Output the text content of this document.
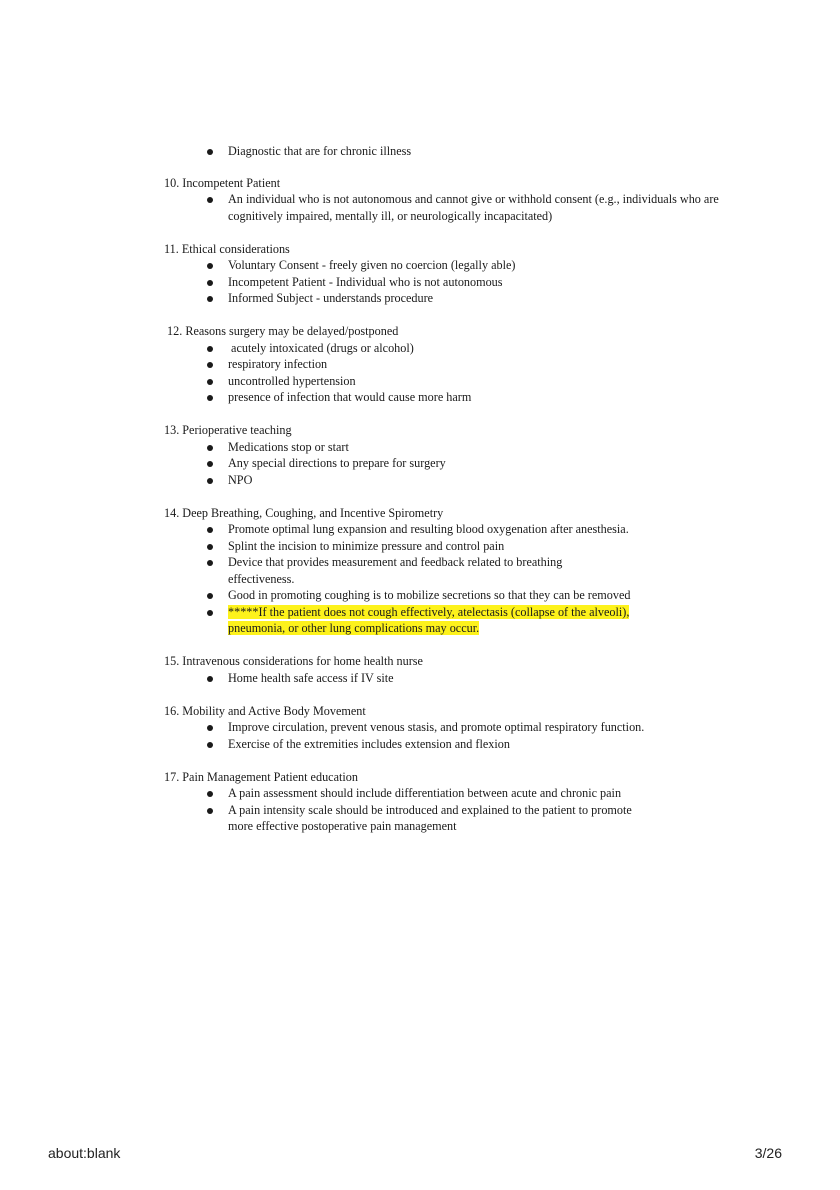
Diagnostic that are for chronic illness

10. Incompetent Patient

An individual who is not autonomous and cannot give or withhold consent (e.g., individuals who are cognitively impaired, mentally ill, or neurologically incapacitated)

11. Ethical considerations

Voluntary Consent - freely given no coercion (legally able)
Incompetent Patient - Individual who is not autonomous
Informed Subject - understands procedure

12. Reasons surgery may be delayed/postponed

acutely intoxicated (drugs or alcohol)
respiratory infection
uncontrolled hypertension
presence of infection that would cause more harm

13. Perioperative teaching

Medications stop or start
Any special directions to prepare for surgery
NPO

14. Deep Breathing, Coughing, and Incentive Spirometry

Promote optimal lung expansion and resulting blood oxygenation after anesthesia.
Splint the incision to minimize pressure and control pain
Device that provides measurement and feedback related to breathing effectiveness.
Good in promoting coughing is to mobilize secretions so that they can be removed
*****If the patient does not cough effectively, atelectasis (collapse of the alveoli), pneumonia, or other lung complications may occur.

15. Intravenous considerations for home health nurse

Home health safe access if IV site

16. Mobility and Active Body Movement

Improve circulation, prevent venous stasis, and promote optimal respiratory function.
Exercise of the extremities includes extension and flexion

17. Pain Management Patient education

A pain assessment should include differentiation between acute and chronic pain
A pain intensity scale should be introduced and explained to the patient to promote more effective postoperative pain management
about:blank	3/26
